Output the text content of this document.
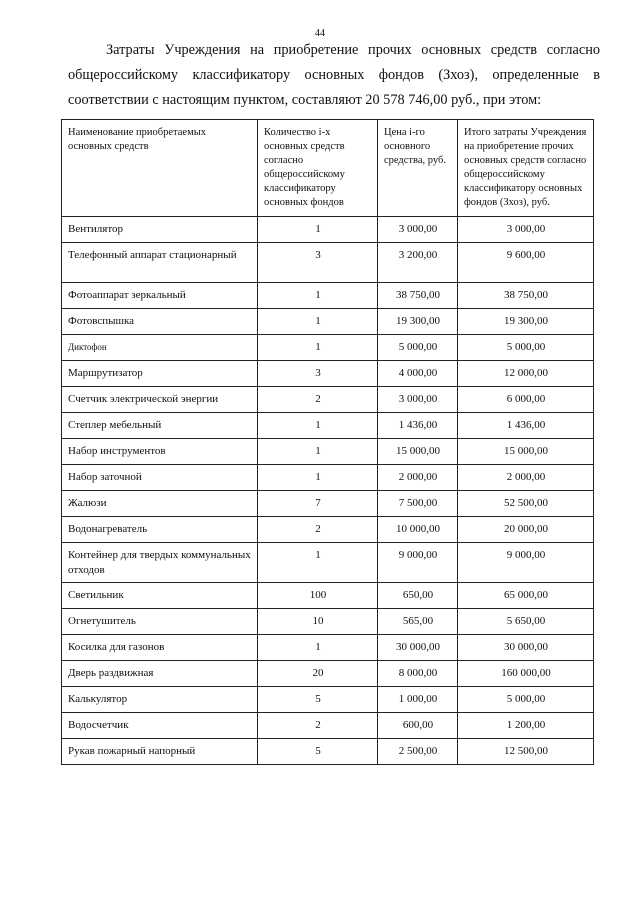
44

Затраты Учреждения на приобретение прочих основных средств согласно общероссийскому классификатору основных фондов (Зхоз), определенные в соответствии с настоящим пунктом, составляют 20 578 746,00 руб., при этом:

Наименование приобретаемых основных средств	Количество i-х основных средств согласно общероссийскому классификатору основных фондов	Цена i-го основного средства, руб.	Итого затраты Учреждения на приобретение прочих основных средств согласно общероссийскому классификатору основных фондов (Зхоз), руб.
Вентилятор	1	3 000,00	3 000,00
Телефонный аппарат стационарный	3	3 200,00	9 600,00
Фотоаппарат зеркальный	1	38 750,00	38 750,00
Фотовспышка	1	19 300,00	19 300,00
Диктофон	1	5 000,00	5 000,00
Маршрутизатор	3	4 000,00	12 000,00
Счетчик электрической энергии	2	3 000,00	6 000,00
Степлер мебельный	1	1 436,00	1 436,00
Набор инструментов	1	15 000,00	15 000,00
Набор заточной	1	2 000,00	2 000,00
Жалюзи	7	7 500,00	52 500,00
Водонагреватель	2	10 000,00	20 000,00
Контейнер для твердых коммунальных отходов	1	9 000,00	9 000,00
Светильник	100	650,00	65 000,00
Огнетушитель	10	565,00	5 650,00
Косилка для газонов	1	30 000,00	30 000,00
Дверь раздвижная	20	8 000,00	160 000,00
Калькулятор	5	1 000,00	5 000,00
Водосчетчик	2	600,00	1 200,00
Рукав пожарный напорный	5	2 500,00	12 500,00
